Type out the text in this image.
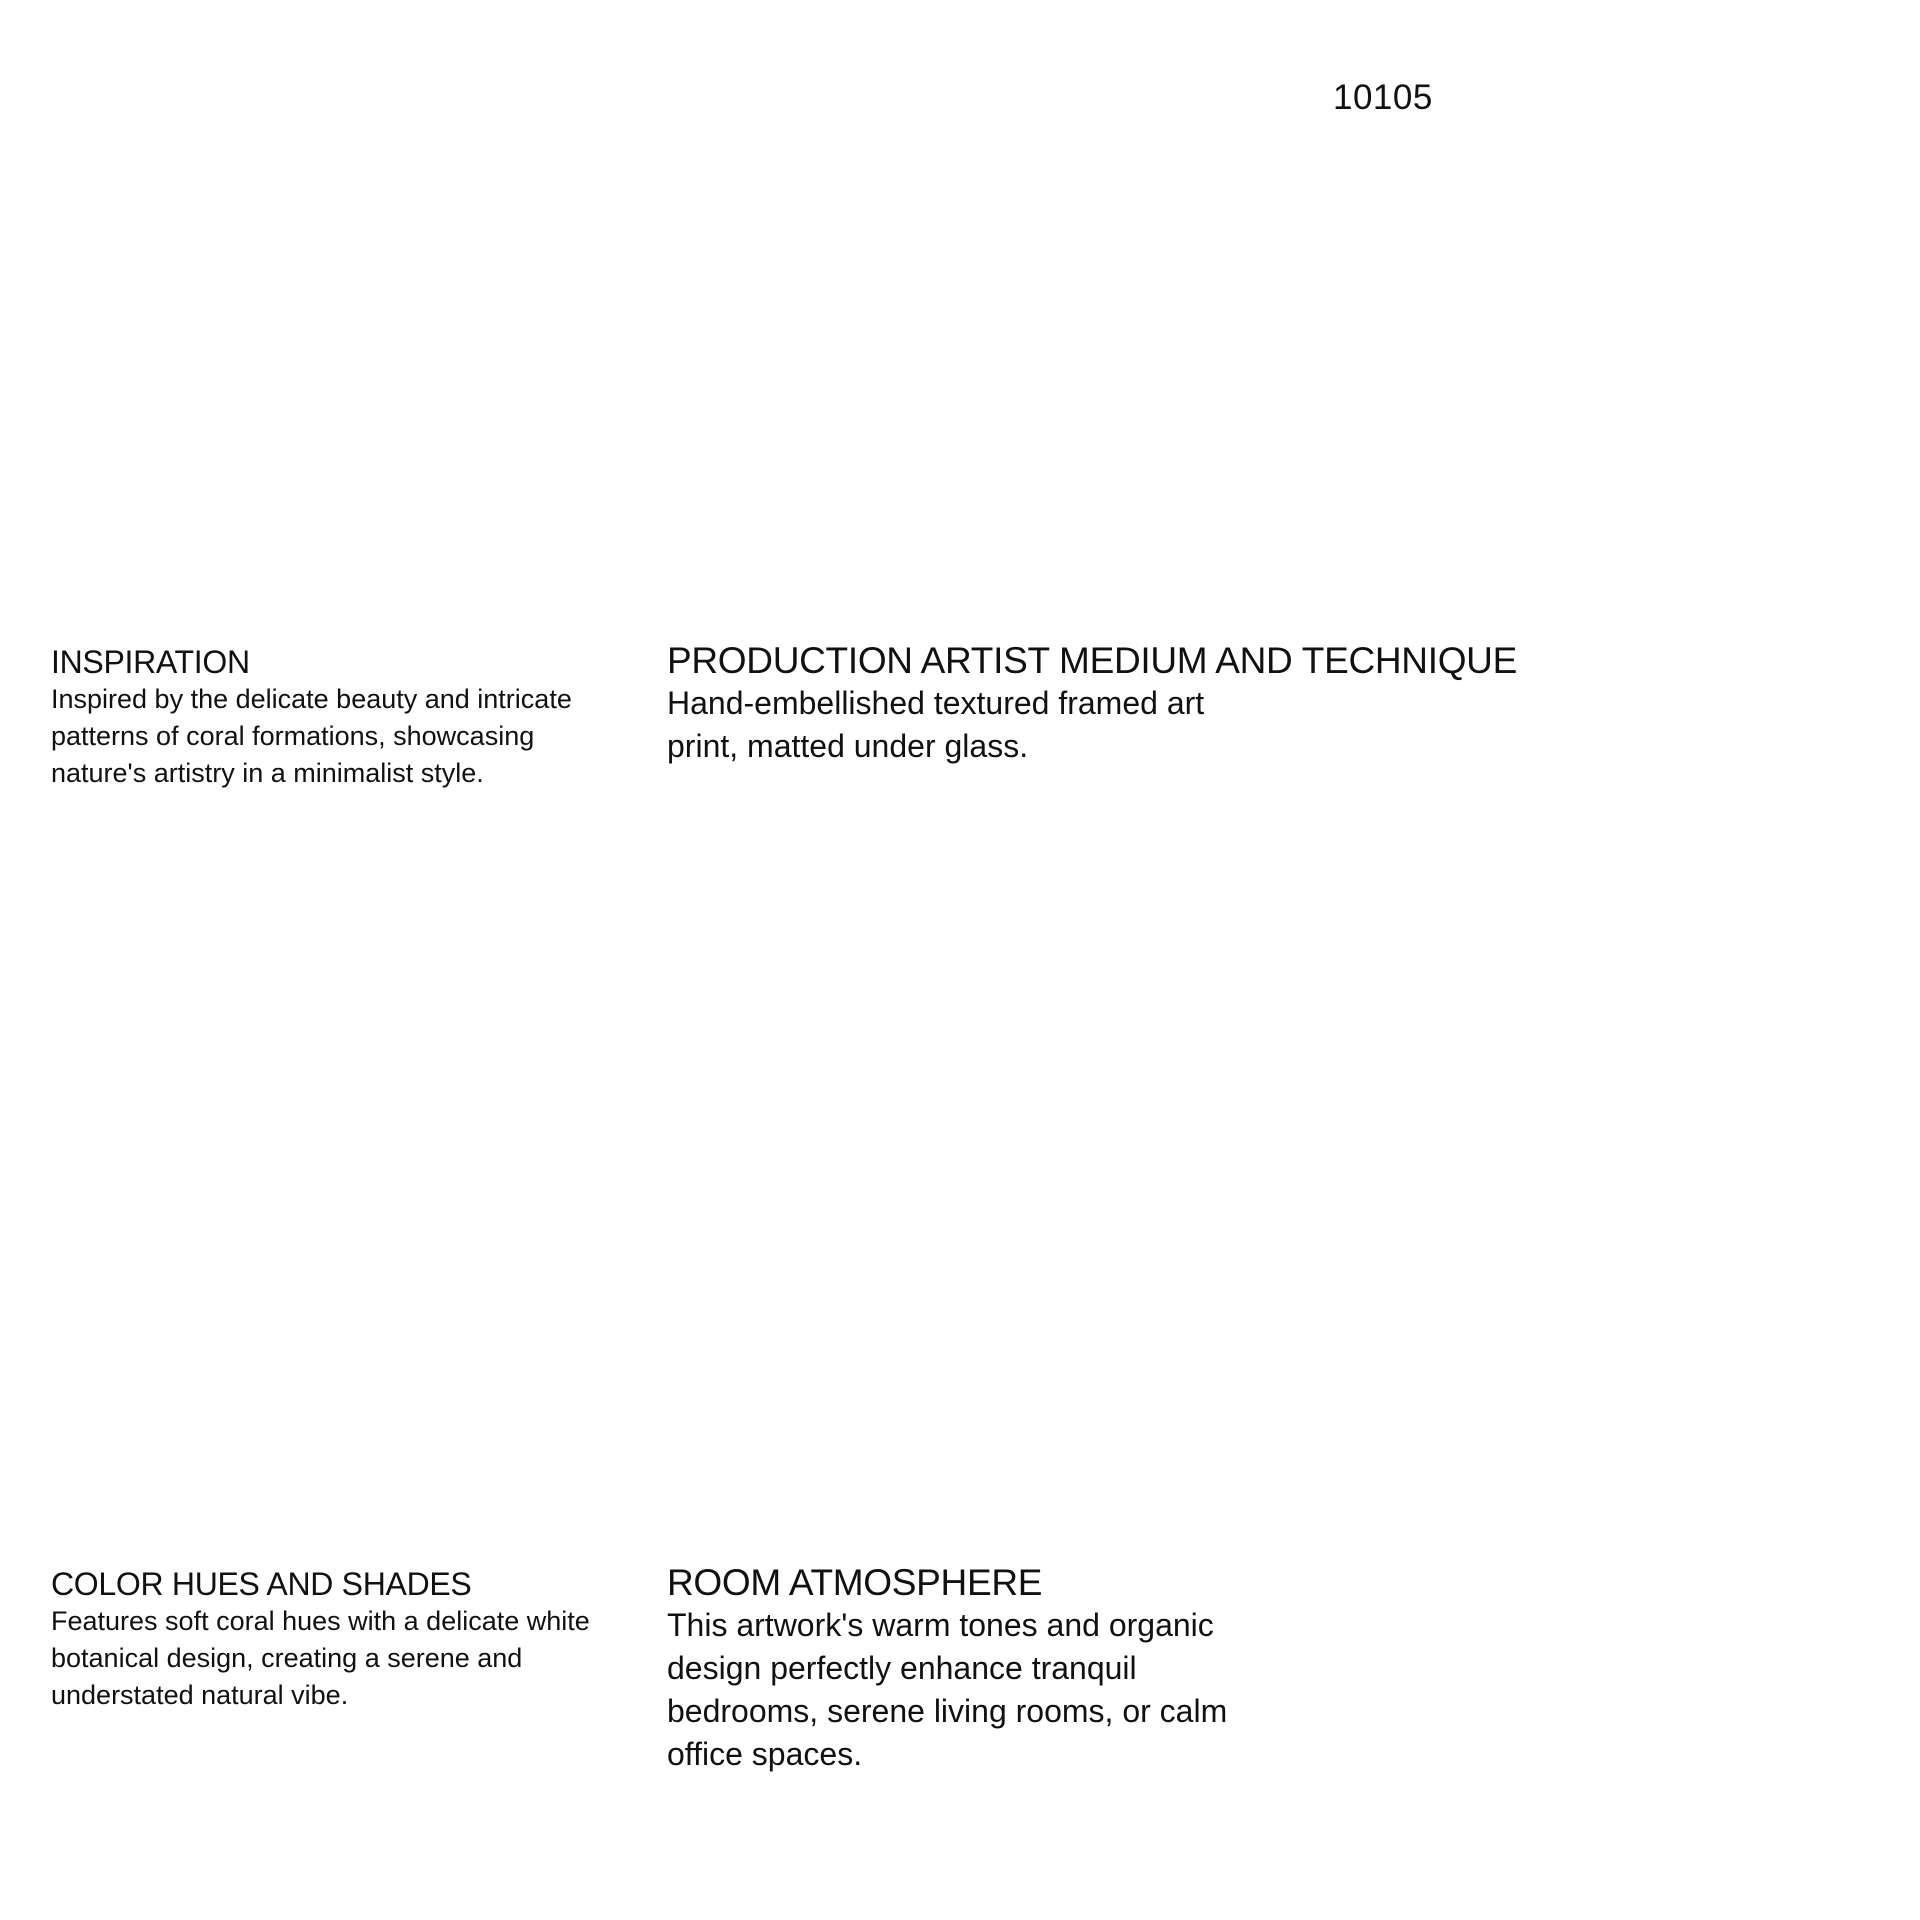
10105
INSPIRATION

Inspired by the delicate beauty and intricate patterns of coral formations, showcasing nature's artistry in a minimalist style.

PRODUCTION ARTIST MEDIUM AND TECHNIQUE

Hand-embellished textured framed art print, matted under glass.

COLOR HUES AND SHADES

Features soft coral hues with a delicate white botanical design, creating a serene and understated natural vibe.

ROOM ATMOSPHERE

This artwork's warm tones and organic design perfectly enhance tranquil bedrooms, serene living rooms, or calm office spaces.
